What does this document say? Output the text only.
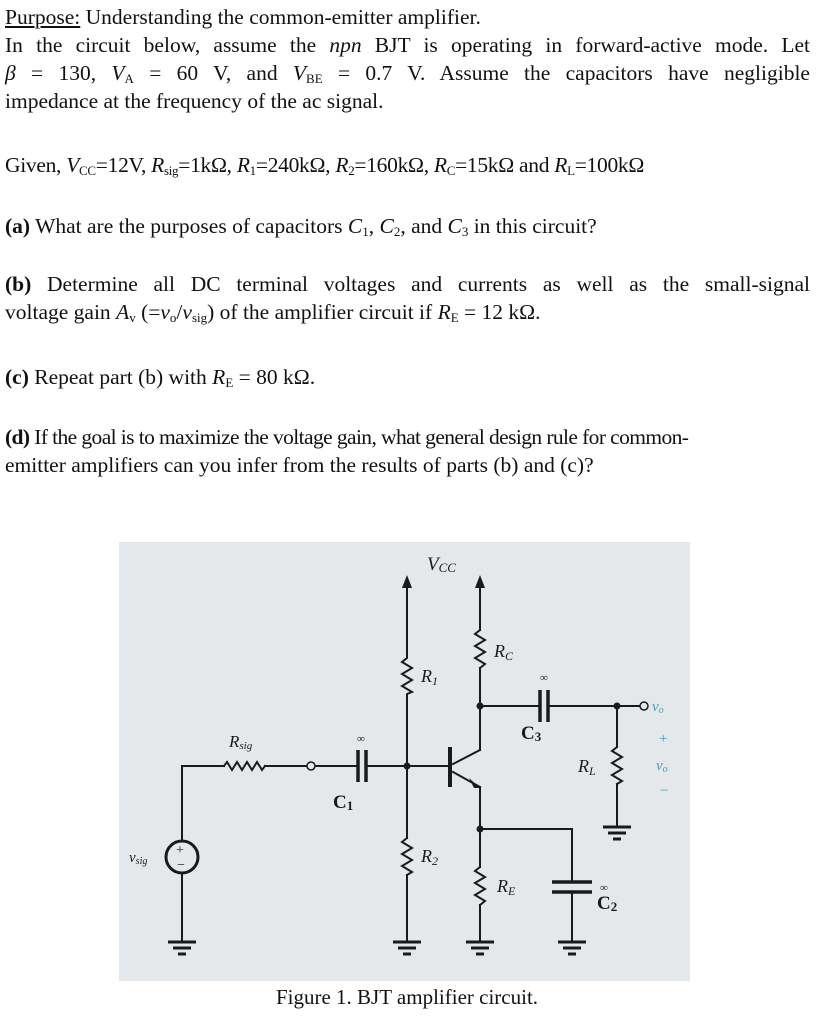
Purpose: Understanding the common-emitter amplifier.

In the circuit below, assume the npn BJT is operating in forward-active mode. Let

β = 130, $V_A = 60$ V, and $V_{BE} = 0.7$ V. Assume the capacitors have negligible

impedance at the frequency of the ac signal.

Given, $V_{CC}=12V$, $R_{sig}=1k\Omega$, $R_1=240k\Omega$, $R_2=160k\Omega$, $R_C=15k\Omega$ and $R_L=100k\Omega$

(a) What are the purposes of capacitors $C_1$, $C_2$, and $C_3$ in this circuit?

(b) Determine all DC terminal voltages and currents as well as the small-signal

voltage gain $A_v$ $(=v_o/v_{sig})$ of the amplifier circuit if $R_E = 12$ kΩ.

(c) Repeat part (b) with $R_E = 80$ kΩ.

(d) If the goal is to maximize the voltage gain, what general design rule for common-

emitter amplifiers can you infer from the results of parts (b) and (c)?

VCC
R1
R2
RC
RE
RL
Rsig
C1
C3
C2
∞
∞
∞
vsig
+
−
vo
+
vo
−
Figure 1. BJT amplifier circuit.
